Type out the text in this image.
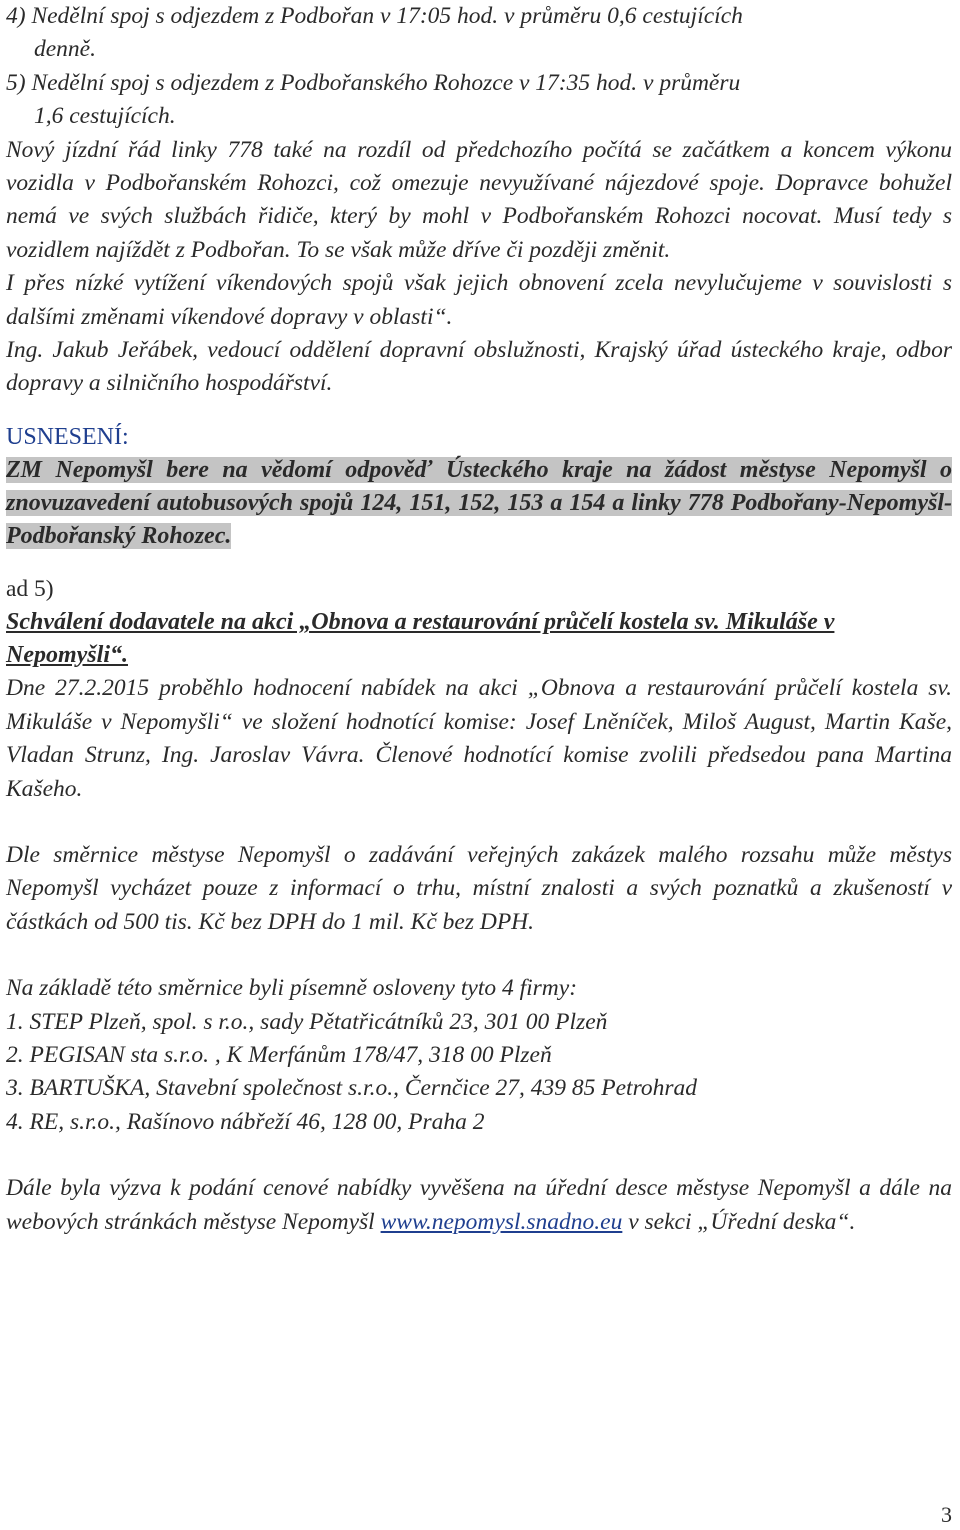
4) Nedělní spoj s odjezdem z Podbořan v 17:05 hod. v průměru 0,6 cestujících

denně.

5) Nedělní spoj s odjezdem z Podbořanského Rohozce v 17:35 hod. v průměru

1,6 cestujících.

Nový jízdní řád linky 778 také na rozdíl od předchozího počítá se začátkem a koncem výkonu vozidla v Podbořanském Rohozci, což omezuje nevyužívané nájezdové spoje. Dopravce bohužel nemá ve svých službách řidiče, který by mohl v Podbořanském Rohozci nocovat. Musí tedy s vozidlem najíždět z Podbořan. To se však může dříve či později změnit.

I přes nízké vytížení víkendových spojů však jejich obnovení zcela nevylučujeme v souvislosti s dalšími změnami víkendové dopravy v oblasti“.

Ing. Jakub Jeřábek, vedoucí oddělení dopravní obslužnosti, Krajský úřad ústeckého kraje, odbor dopravy a silničního hospodářství.

USNESENÍ:

ZM Nepomyšl bere na vědomí odpověď Ústeckého kraje na žádost městyse Nepomyšl o znovuzavedení autobusových spojů 124, 151, 152, 153 a 154 a linky 778 Podbořany-Nepomyšl-Podbořanský Rohozec.

ad 5)

Schválení dodavatele na akci „Obnova a restaurování průčelí kostela sv. Mikuláše v Nepomyšli“.

Dne 27.2.2015 proběhlo hodnocení nabídek na akci „Obnova a restaurování průčelí kostela sv. Mikuláše v Nepomyšli“ ve složení hodnotící komise: Josef Lněníček, Miloš August, Martin Kaše, Vladan Strunz, Ing. Jaroslav Vávra. Členové hodnotící komise zvolili předsedou pana Martina Kašeho.

Dle směrnice městyse Nepomyšl o zadávání veřejných zakázek malého rozsahu může městys Nepomyšl vycházet pouze z informací o trhu, místní znalosti a svých poznatků a zkušeností v částkách od 500 tis. Kč bez DPH do 1 mil. Kč bez DPH.

Na základě této směrnice byli písemně osloveny tyto 4 firmy:

1. STEP Plzeň, spol. s r.o., sady Pětatřicátníků 23, 301 00 Plzeň

2. PEGISAN sta s.r.o. , K Merfánům 178/47, 318 00 Plzeň

3. BARTUŠKA, Stavební společnost s.r.o., Černčice 27, 439 85 Petrohrad

4. RE, s.r.o., Rašínovo nábřeží 46, 128 00, Praha 2

Dále byla výzva k podání cenové nabídky vyvěšena na úřední desce městyse Nepomyšl a dále na webových stránkách městyse Nepomyšl www.nepomysl.snadno.eu v sekci „Úřední deska“.

3
